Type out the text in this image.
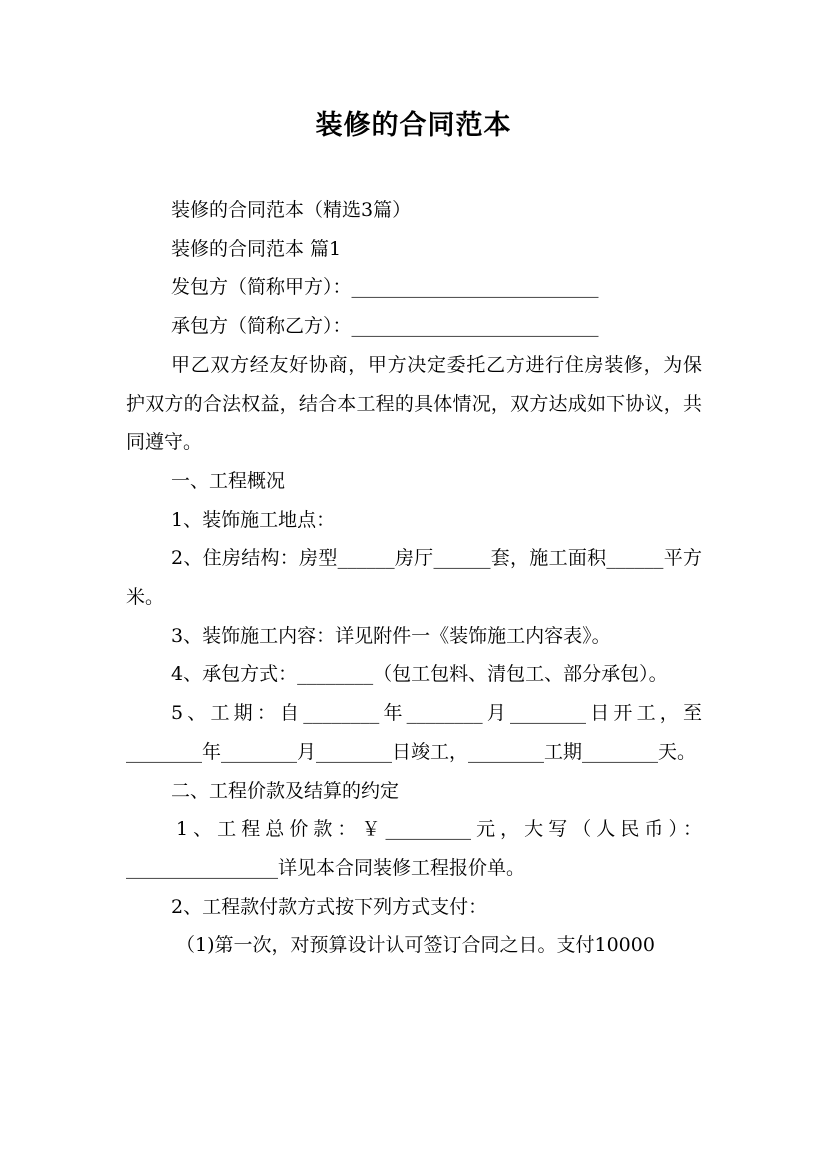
装修的合同范本

装修的合同范本（精选3篇）

装修的合同范本 篇1

发包方（简称甲方）：__________________________

承包方（简称乙方）：__________________________

甲乙双方经友好协商，甲方决定委托乙方进行住房装修，为保护双方的合法权益，结合本工程的具体情况，双方达成如下协议，共同遵守。

一、工程概况

1、装饰施工地点：

2、住房结构：房型______房厅______套，施工面积______平方米。

3、装饰施工内容：详见附件一《装饰施工内容表》。

4、承包方式：________（包工包料、清包工、部分承包）。

5、工期：自________年________月________日开工，至________年________月________日竣工，________工期________天。

二、工程价款及结算的约定

1、工程总价款：￥_________元，大写（人民币）：________________详见本合同装修工程报价单。

2、工程款付款方式按下列方式支付：

（1)第一次，对预算设计认可签订合同之日。支付10000
